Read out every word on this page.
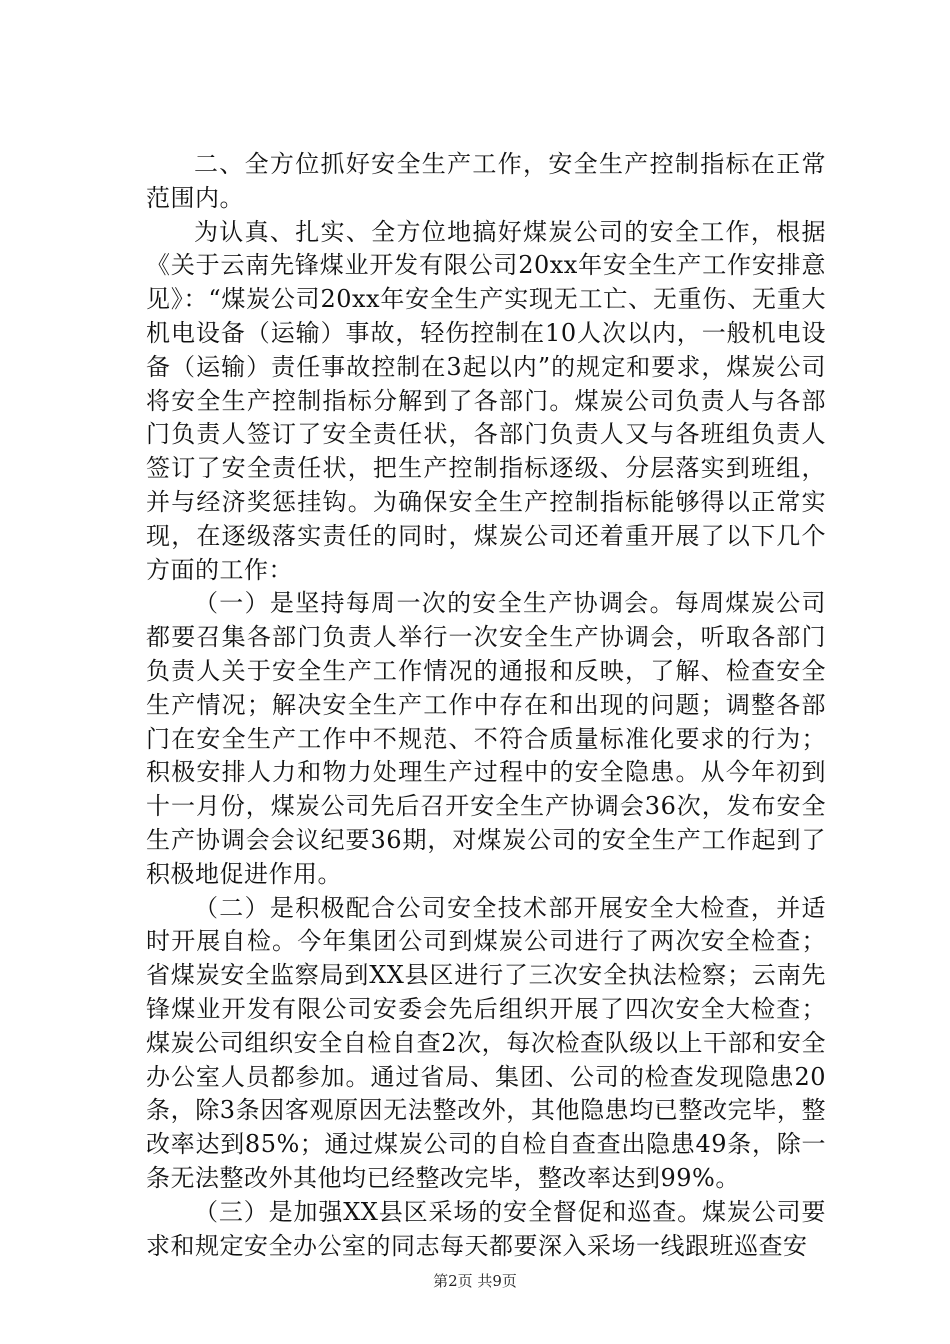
二、全方位抓好安全生产工作，安全生产控制指标在正常范围内。

为认真、扎实、全方位地搞好煤炭公司的安全工作，根据《关于云南先锋煤业开发有限公司20xx年安全生产工作安排意见》：“煤炭公司20xx年安全生产实现无工亡、无重伤、无重大机电设备（运输）事故，轻伤控制在10人次以内，一般机电设备（运输）责任事故控制在3起以内”的规定和要求，煤炭公司将安全生产控制指标分解到了各部门。煤炭公司负责人与各部门负责人签订了安全责任状，各部门负责人又与各班组负责人签订了安全责任状，把生产控制指标逐级、分层落实到班组，并与经济奖惩挂钩。为确保安全生产控制指标能够得以正常实现，在逐级落实责任的同时，煤炭公司还着重开展了以下几个方面的工作：

（一）是坚持每周一次的安全生产协调会。每周煤炭公司都要召集各部门负责人举行一次安全生产协调会，听取各部门负责人关于安全生产工作情况的通报和反映，了解、检查安全生产情况；解决安全生产工作中存在和出现的问题；调整各部门在安全生产工作中不规范、不符合质量标准化要求的行为；积极安排人力和物力处理生产过程中的安全隐患。从今年初到十一月份，煤炭公司先后召开安全生产协调会36次，发布安全生产协调会会议纪要36期，对煤炭公司的安全生产工作起到了积极地促进作用。

（二）是积极配合公司安全技术部开展安全大检查，并适时开展自检。今年集团公司到煤炭公司进行了两次安全检查；省煤炭安全监察局到XX县区进行了三次安全执法检察；云南先锋煤业开发有限公司安委会先后组织开展了四次安全大检查；煤炭公司组织安全自检自查2次，每次检查队级以上干部和安全办公室人员都参加。通过省局、集团、公司的检查发现隐患20条，除3条因客观原因无法整改外，其他隐患均已整改完毕，整改率达到85%；通过煤炭公司的自检自查查出隐患49条，除一条无法整改外其他均已经整改完毕，整改率达到99%。

（三）是加强XX县区采场的安全督促和巡查。煤炭公司要求和规定安全办公室的同志每天都要深入采场一线跟班巡查安

第2页 共9页
